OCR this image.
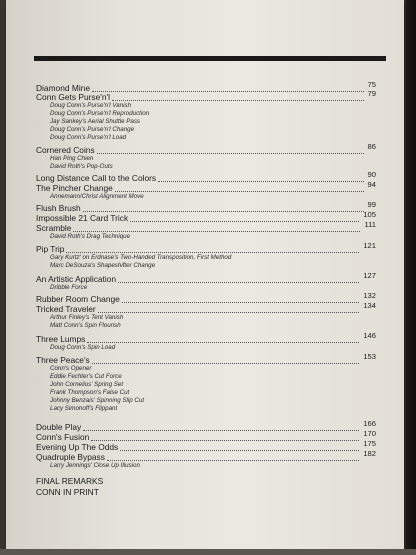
Diamond Mine	75
Conn Gets Purse'n'l	79
Doug Conn's Purse'n'l Vanish
Doug Conn's Purse'n'l Reproduction
Jay Sankey's Aerial Shuttle Pass
Doug Conn's Purse'n'l Change
Doug Conn's Purse'n'l Load
Cornered Coins	86
Han Ping Chien
David Roth's Pop-Outs
Long Distance Call to the Colors	90
The Pincher Change	94
Annemann/Christ Alignment Move
Flush Brush	99
Impossible 21 Card Trick	105
Scramble	111
David Roth's Drag Technique
Pip Trip	121
Gary Kurtz' on Erdnase's Two-Handed Transposition, First Method
Marc DeSouza's Shapeshifter Change
An Artistic Application	127
Dribble Force
Rubber Room Change	132
Tricked Traveler	134
Arthur Finley's Tent Vanish
Matt Conn's Spin Flourish
Three Lumps	146
Doug Conn's Spin Load
Three Peace's	153
Conn's Opener
Eddie Fechter's Cut Force
John Cornelius' Spring Set
Frank Thompson's False Cut
Johnny Benzais' Spinning Slip Cut
Lacy Simonoff's Flippant
Double Play	166
Conn's Fusion	170
Evening Up The Odds	175
Quadruple Bypass	182
Larry Jennings' Close Up Illusion
FINAL REMARKS
CONN IN PRINT
